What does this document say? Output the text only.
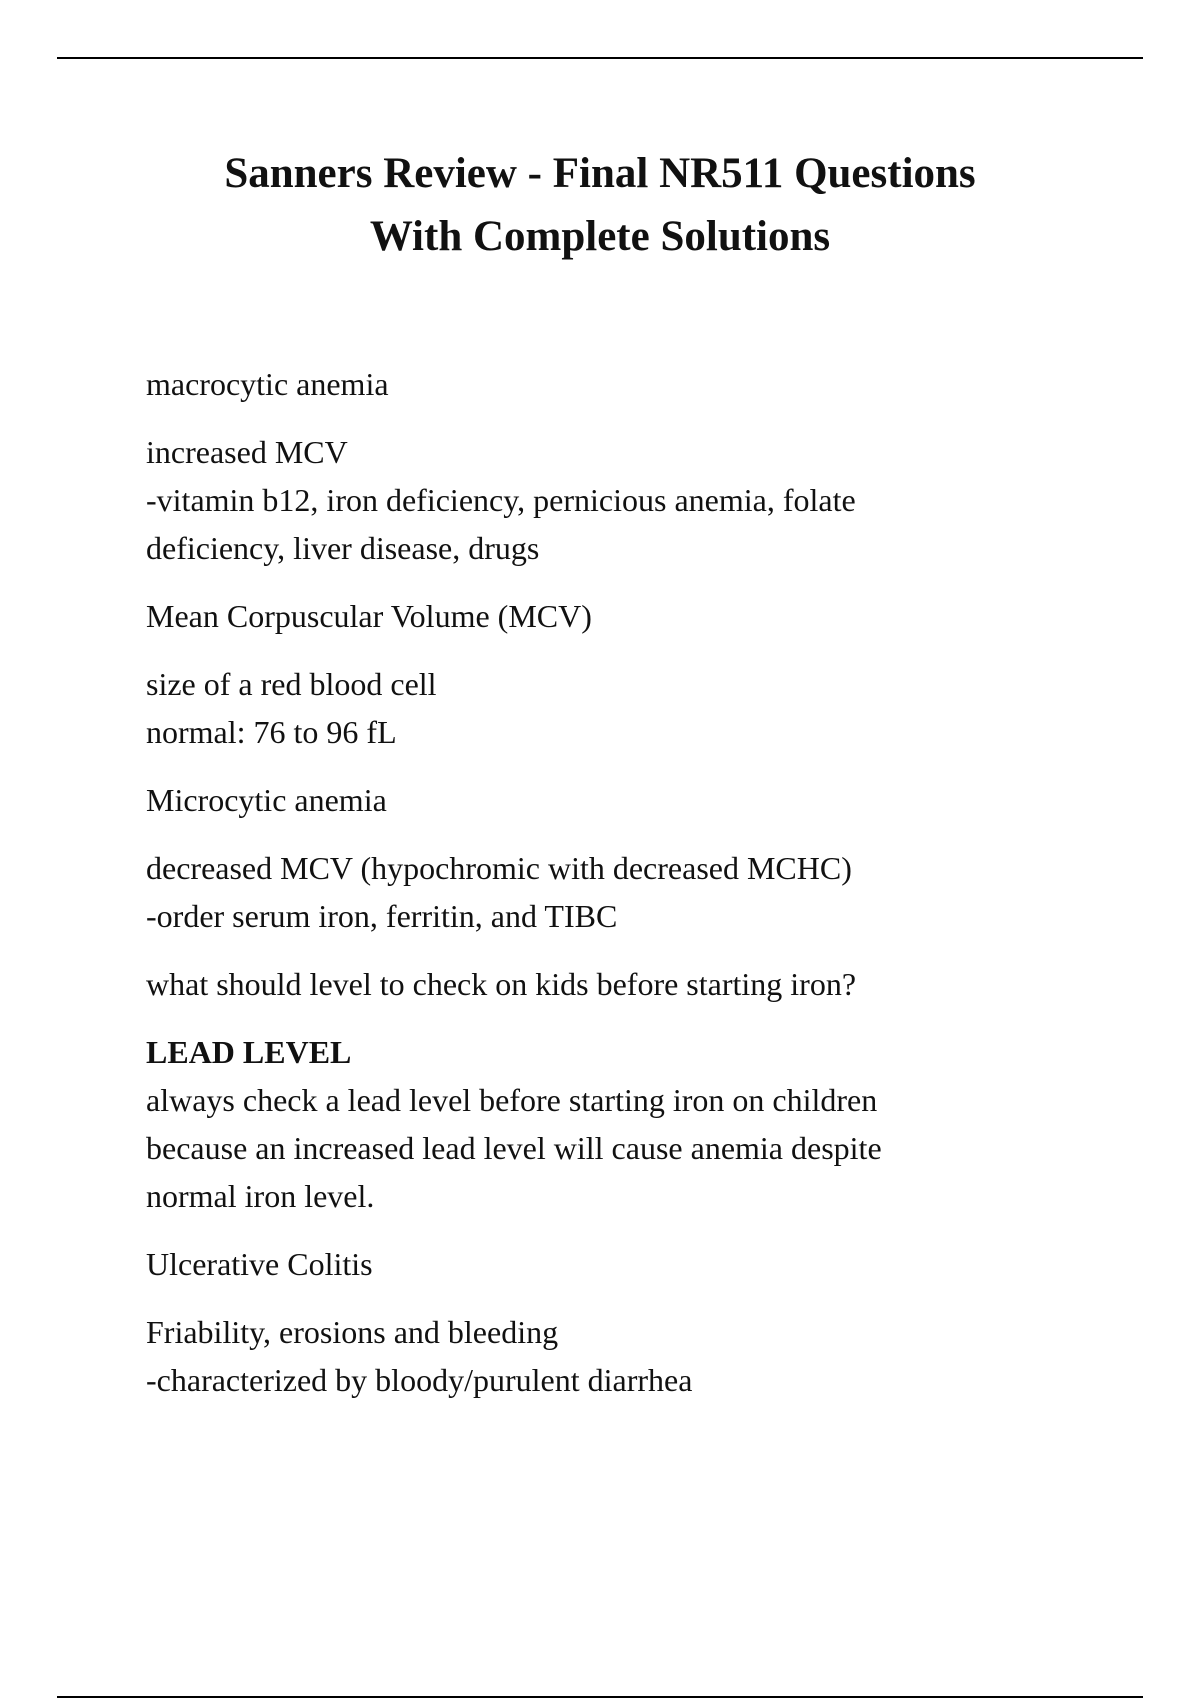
Sanners Review - Final NR511 Questions
With Complete Solutions
macrocytic anemia
increased MCV
-vitamin b12, iron deficiency, pernicious anemia, folate
deficiency, liver disease, drugs
Mean Corpuscular Volume (MCV)
size of a red blood cell
normal: 76 to 96 fL
Microcytic anemia
decreased MCV (hypochromic with decreased MCHC)
-order serum iron, ferritin, and TIBC
what should level to check on kids before starting iron?
LEAD LEVEL
always check a lead level before starting iron on children
because an increased lead level will cause anemia despite
normal iron level.
Ulcerative Colitis
Friability, erosions and bleeding
-characterized by bloody/purulent diarrhea
